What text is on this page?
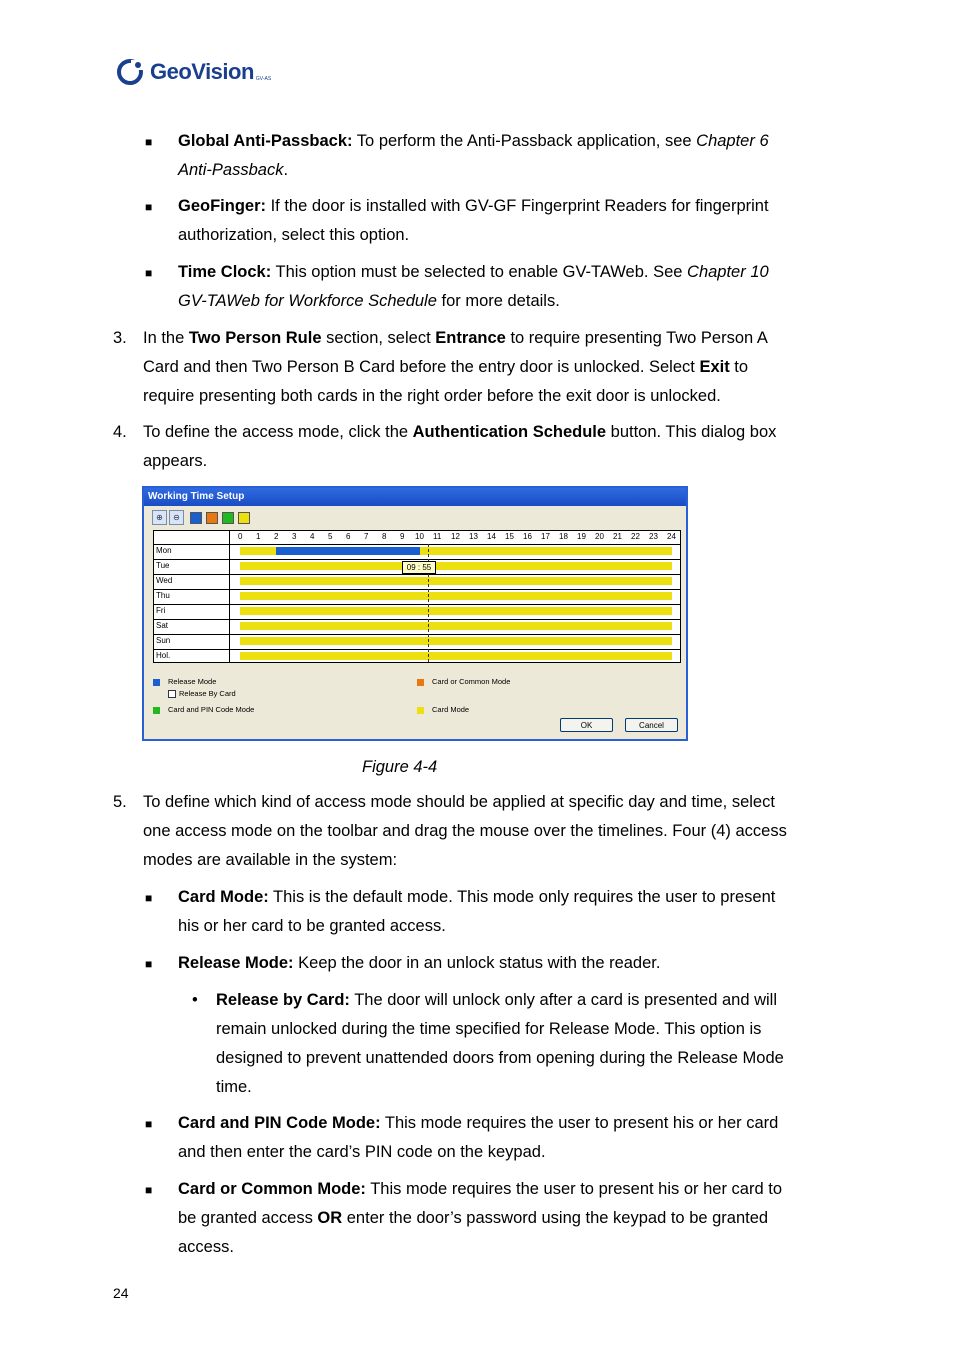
GeoVision GV-AS
■ Global Anti-Passback: To perform the Anti-Passback application, see Chapter 6
Anti-Passback.
■ GeoFinger: If the door is installed with GV-GF Fingerprint Readers for fingerprint
authorization, select this option.
■ Time Clock: This option must be selected to enable GV-TAWeb. See Chapter 10
GV-TAWeb for Workforce Schedule for more details.
3. In the Two Person Rule section, select Entrance to require presenting Two Person A
Card and then Two Person B Card before the entry door is unlocked. Select Exit to
require presenting both cards in the right order before the exit door is unlocked.
4. To define the access mode, click the Authentication Schedule button. This dialog box
appears.
Working Time Setup
⊕	⊖
0 1 2 3 4 5 6 7 8 9 10 11 12 13 14 15 16 17 18 19 20 21 22 23 24
Mon
Tue
Wed
Thu
Fri
Sat
Sun
Hol.
09 : 55
Release Mode
Release By Card
Card and PIN Code Mode
Card or Common Mode
Card Mode
OK	Cancel
Figure 4-4
5. To define which kind of access mode should be applied at specific day and time, select
one access mode on the toolbar and drag the mouse over the timelines. Four (4) access
modes are available in the system:
■ Card Mode: This is the default mode. This mode only requires the user to present
his or her card to be granted access.
■ Release Mode: Keep the door in an unlock status with the reader.
• Release by Card: The door will unlock only after a card is presented and will
remain unlocked during the time specified for Release Mode. This option is
designed to prevent unattended doors from opening during the Release Mode
time.
■ Card and PIN Code Mode: This mode requires the user to present his or her card
and then enter the card’s PIN code on the keypad.
■ Card or Common Mode: This mode requires the user to present his or her card to
be granted access OR enter the door’s password using the keypad to be granted
access.
24
